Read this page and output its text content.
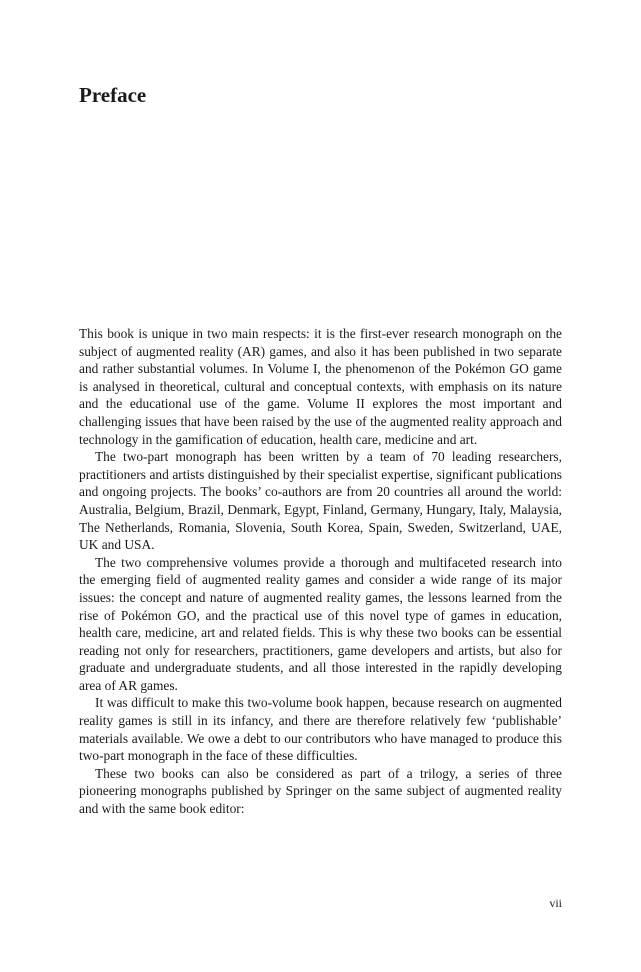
Preface

This book is unique in two main respects: it is the first-ever research monograph on the subject of augmented reality (AR) games, and also it has been published in two separate and rather substantial volumes. In Volume I, the phenomenon of the Pokémon GO game is analysed in theoretical, cultural and conceptual contexts, with emphasis on its nature and the educational use of the game. Volume II explores the most important and challenging issues that have been raised by the use of the augmented reality approach and technology in the gamification of education, health care, medicine and art.

The two-part monograph has been written by a team of 70 leading researchers, practitioners and artists distinguished by their specialist expertise, significant publications and ongoing projects. The books’ co-authors are from 20 countries all around the world: Australia, Belgium, Brazil, Denmark, Egypt, Finland, Germany, Hungary, Italy, Malaysia, The Netherlands, Romania, Slovenia, South Korea, Spain, Sweden, Switzerland, UAE, UK and USA.

The two comprehensive volumes provide a thorough and multifaceted research into the emerging field of augmented reality games and consider a wide range of its major issues: the concept and nature of augmented reality games, the lessons learned from the rise of Pokémon GO, and the practical use of this novel type of games in education, health care, medicine, art and related fields. This is why these two books can be essential reading not only for researchers, practitioners, game developers and artists, but also for graduate and undergraduate students, and all those interested in the rapidly developing area of AR games.

It was difficult to make this two-volume book happen, because research on augmented reality games is still in its infancy, and there are therefore relatively few ‘publishable’ materials available. We owe a debt to our contributors who have managed to produce this two-part monograph in the face of these difficulties.

These two books can also be considered as part of a trilogy, a series of three pioneering monographs published by Springer on the same subject of augmented reality and with the same book editor:

vii
